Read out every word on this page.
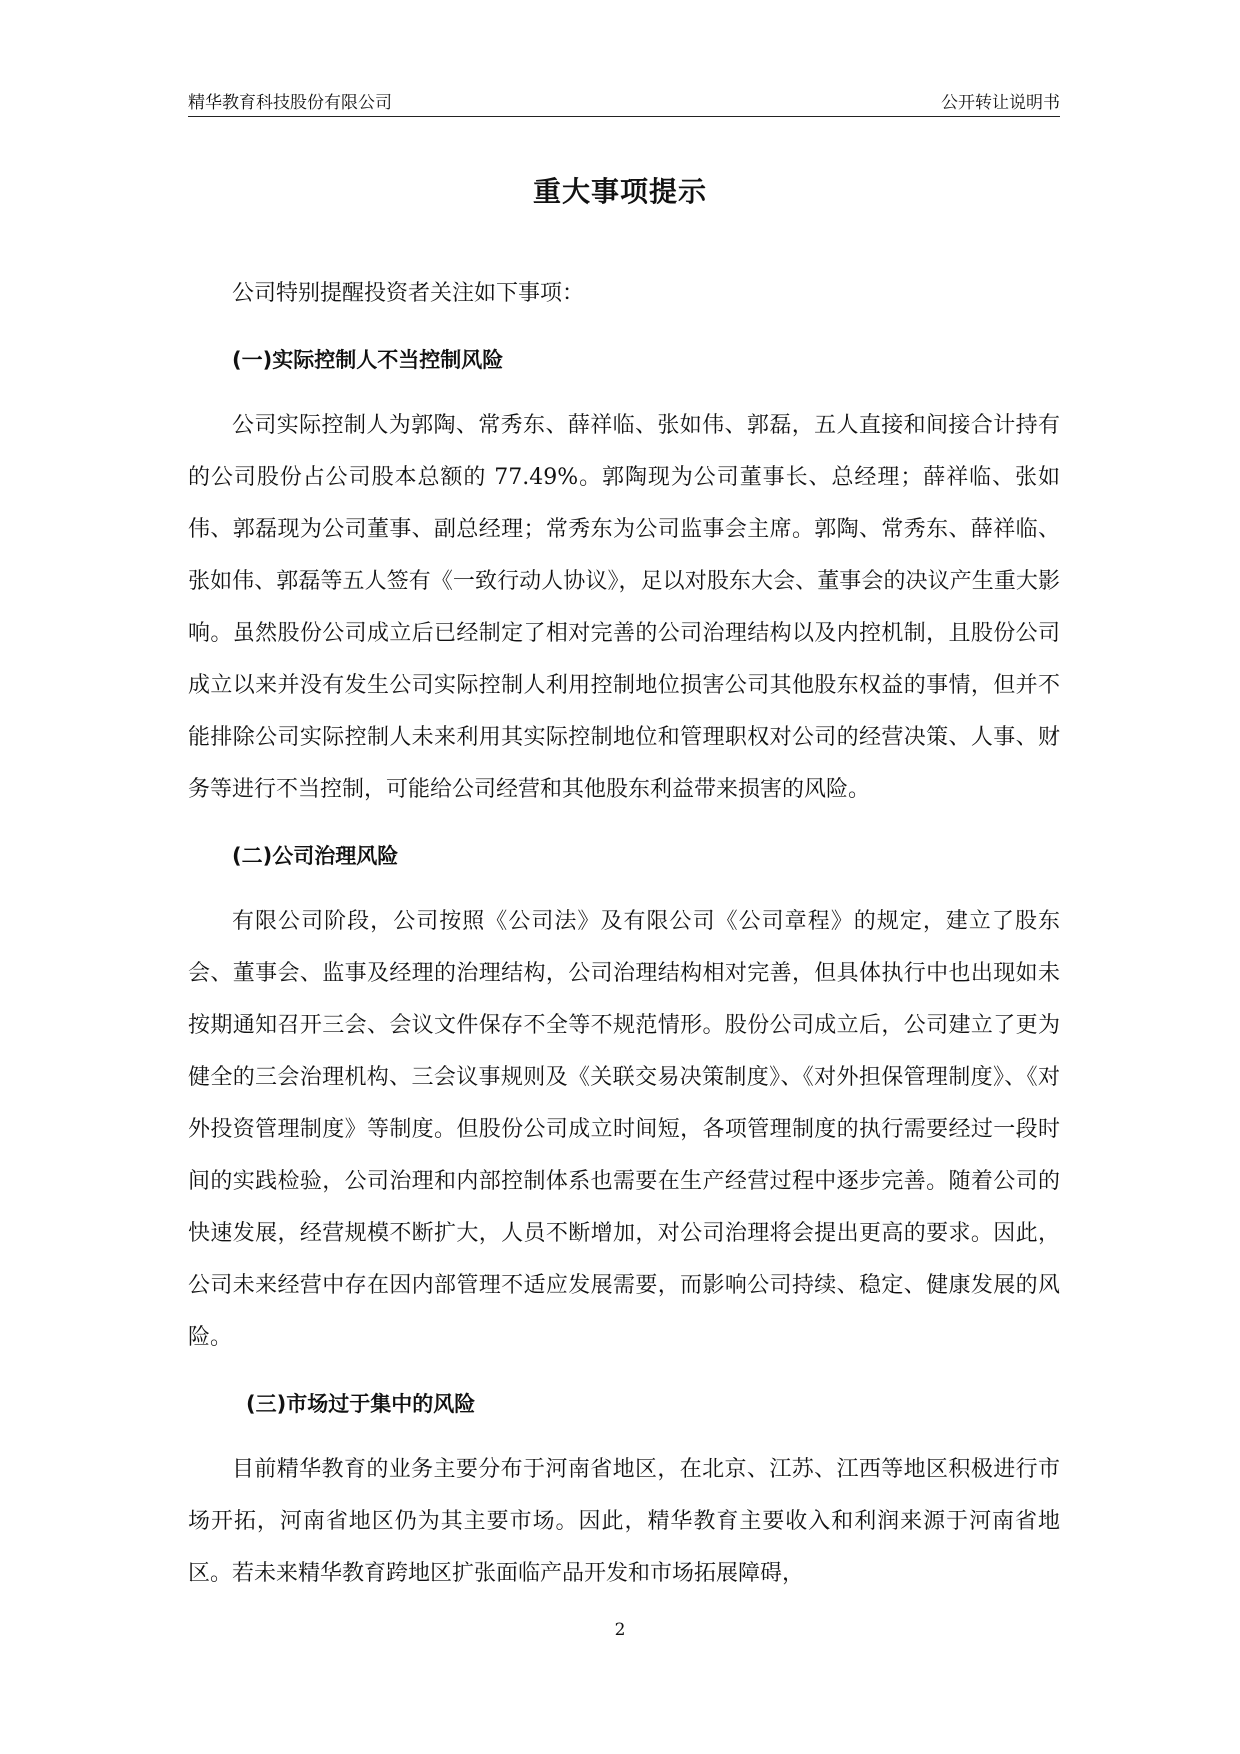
精华教育科技股份有限公司	公开转让说明书
重大事项提示

公司特别提醒投资者关注如下事项：

(一)实际控制人不当控制风险

公司实际控制人为郭陶、常秀东、薛祥临、张如伟、郭磊，五人直接和间接合计持有的公司股份占公司股本总额的 77.49%。郭陶现为公司董事长、总经理；薛祥临、张如伟、郭磊现为公司董事、副总经理；常秀东为公司监事会主席。郭陶、常秀东、薛祥临、张如伟、郭磊等五人签有《一致行动人协议》，足以对股东大会、董事会的决议产生重大影响。虽然股份公司成立后已经制定了相对完善的公司治理结构以及内控机制，且股份公司成立以来并没有发生公司实际控制人利用控制地位损害公司其他股东权益的事情，但并不能排除公司实际控制人未来利用其实际控制地位和管理职权对公司的经营决策、人事、财务等进行不当控制，可能给公司经营和其他股东利益带来损害的风险。

(二)公司治理风险

有限公司阶段，公司按照《公司法》及有限公司《公司章程》的规定，建立了股东会、董事会、监事及经理的治理结构，公司治理结构相对完善，但具体执行中也出现如未按期通知召开三会、会议文件保存不全等不规范情形。股份公司成立后，公司建立了更为健全的三会治理机构、三会议事规则及《关联交易决策制度》、《对外担保管理制度》、《对外投资管理制度》等制度。但股份公司成立时间短，各项管理制度的执行需要经过一段时间的实践检验，公司治理和内部控制体系也需要在生产经营过程中逐步完善。随着公司的快速发展，经营规模不断扩大，人员不断增加，对公司治理将会提出更高的要求。因此，公司未来经营中存在因内部管理不适应发展需要，而影响公司持续、稳定、健康发展的风险。

(三)市场过于集中的风险

目前精华教育的业务主要分布于河南省地区，在北京、江苏、江西等地区积极进行市场开拓，河南省地区仍为其主要市场。因此，精华教育主要收入和利润来源于河南省地区。若未来精华教育跨地区扩张面临产品开发和市场拓展障碍，

2
